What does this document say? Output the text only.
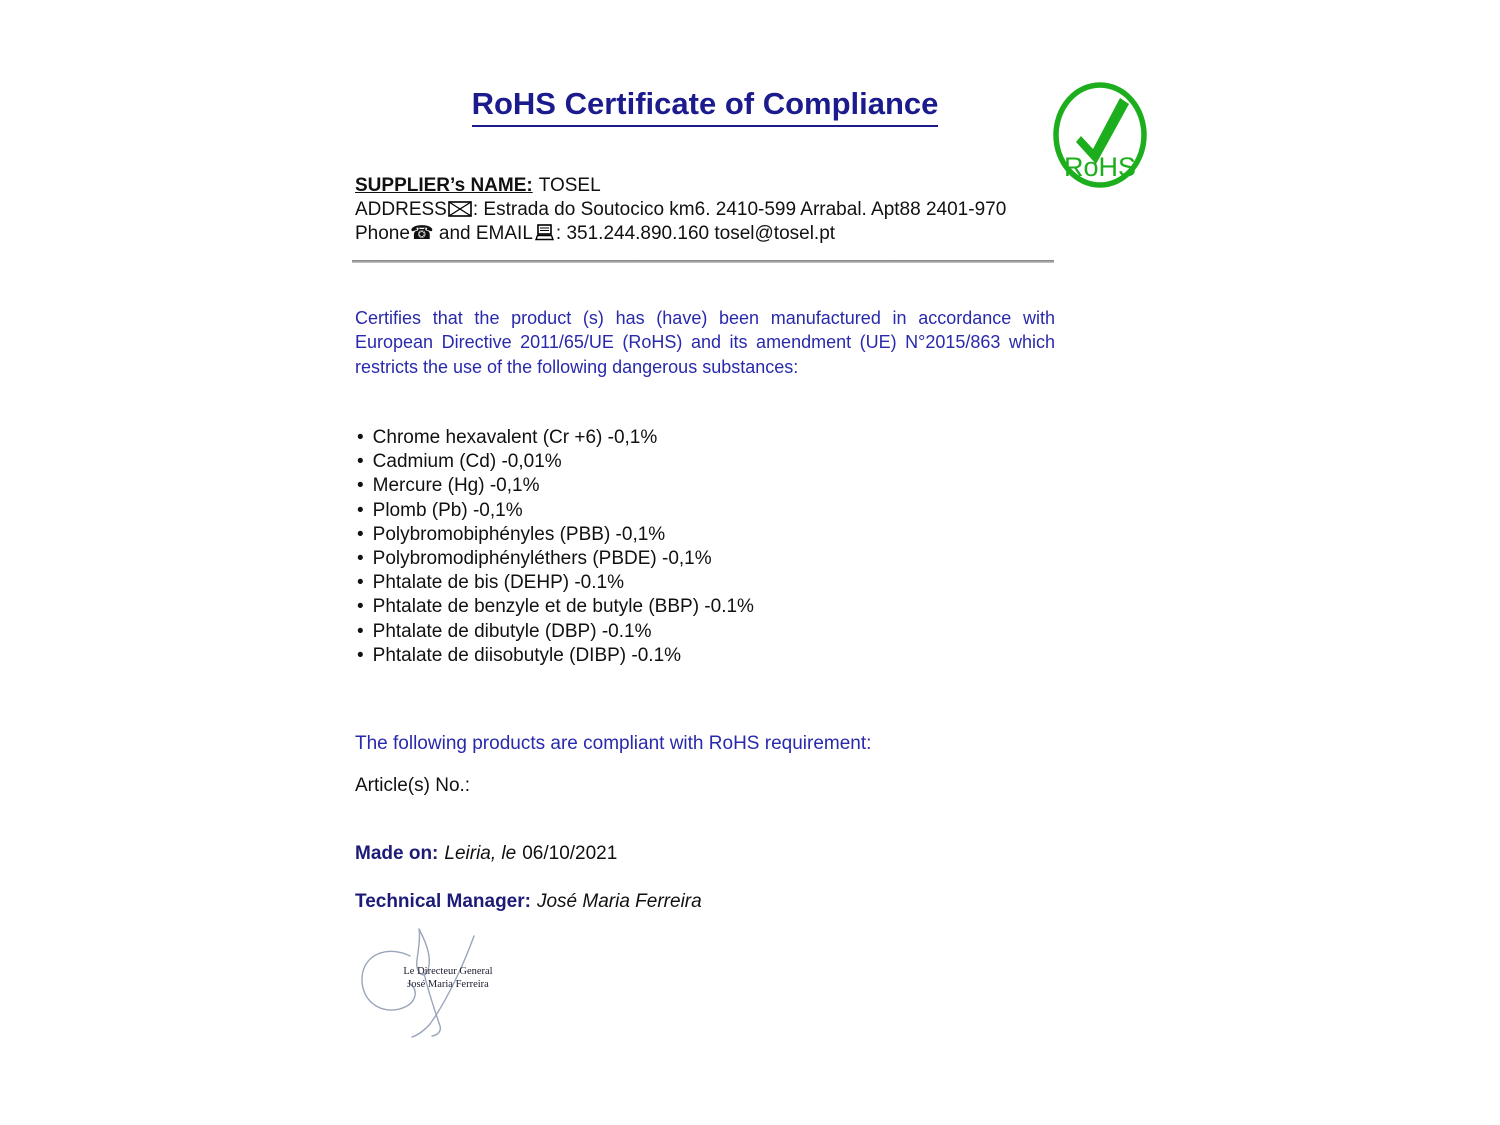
RoHS Certificate of Compliance
RoHS
SUPPLIER’s NAME: TOSEL
ADDRESS : Estrada do Soutocico km6. 2410-599 Arrabal. Apt88 2401-970
Phone☎ and EMAIL : 351.244.890.160 tosel@tosel.pt
Certifies that the product (s) has (have) been manufactured in accordance with European Directive 2011/65/UE (RoHS) and its amendment (UE) N°2015/863 which restricts the use of the following dangerous substances:
• Chrome hexavalent (Cr +6) -0,1%
• Cadmium (Cd) -0,01%
• Mercure (Hg) -0,1%
• Plomb (Pb) -0,1%
• Polybromobiphényles (PBB) -0,1%
• Polybromodiphényléthers (PBDE) -0,1%
• Phtalate de bis (DEHP) -0.1%
• Phtalate de benzyle et de butyle (BBP) -0.1%
• Phtalate de dibutyle (DBP) -0.1%
• Phtalate de diisobutyle (DIBP) -0.1%
The following products are compliant with RoHS requirement:
Article(s) No.:
Made on: Leiria, le 06/10/2021
Technical Manager: José Maria Ferreira
Le Directeur General
José Maria Ferreira
